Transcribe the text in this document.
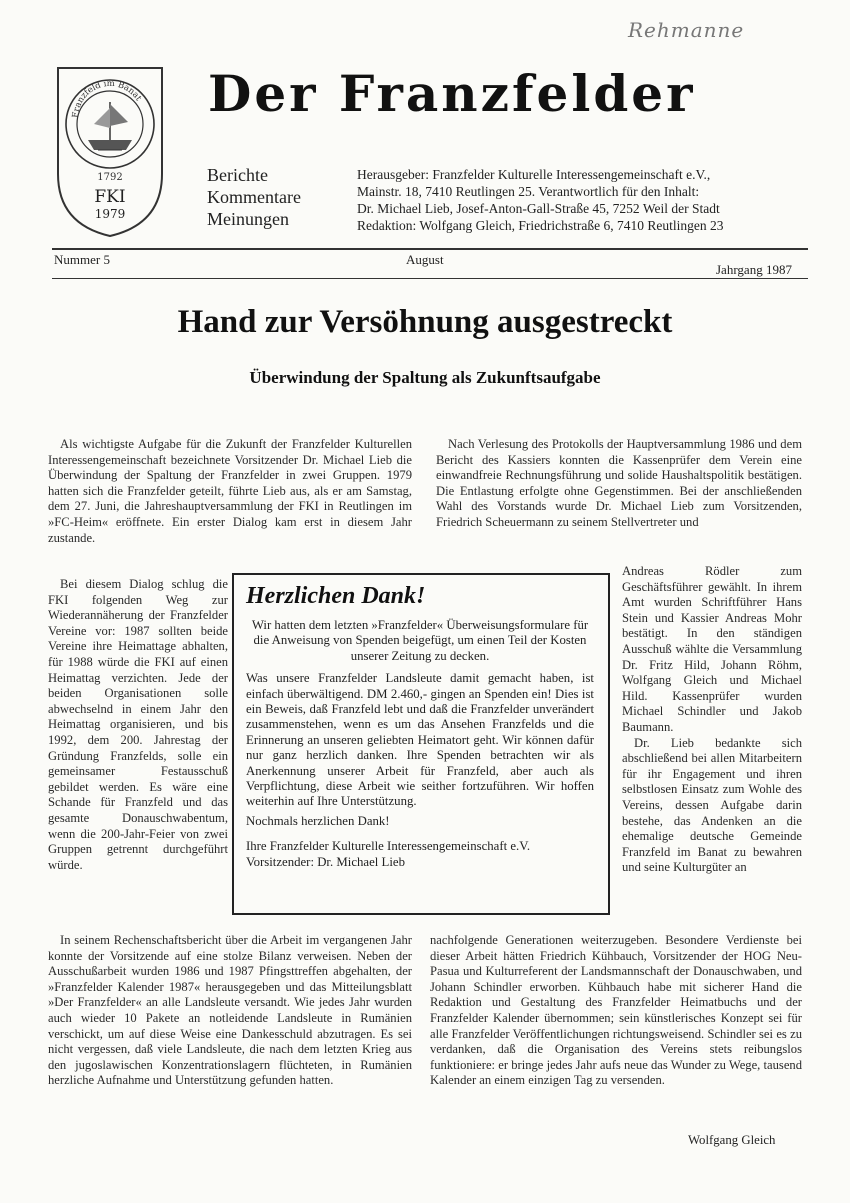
Rehmanne
Franzfeld im Banat
1792
FKI
1979
Der Franzfelder
Berichte
Kommentare
Meinungen
Herausgeber: Franzfelder Kulturelle Interessengemeinschaft e.V.,
Mainstr. 18, 7410 Reutlingen 25. Verantwortlich für den Inhalt:
Dr. Michael Lieb, Josef-Anton-Gall-Straße 45, 7252 Weil der Stadt
Redaktion: Wolfgang Gleich, Friedrichstraße 6, 7410 Reutlingen 23
Nummer 5	August
Jahrgang 1987
Hand zur Versöhnung ausgestreckt
Überwindung der Spaltung als Zukunftsaufgabe

Als wichtigste Aufgabe für die Zukunft der Franzfelder Kulturellen Interessengemeinschaft bezeichnete Vorsitzender Dr. Michael Lieb die Überwindung der Spaltung der Franzfelder in zwei Gruppen. 1979 hatten sich die Franzfelder geteilt, führte Lieb aus, als er am Samstag, dem 27. Juni, die Jahreshauptversammlung der FKI in Reutlingen im »FC-Heim« eröffnete. Ein erster Dialog kam erst in diesem Jahr zustande.

Bei diesem Dialog schlug die FKI folgenden Weg zur Wiederannäherung der Franzfelder Vereine vor: 1987 sollten beide Vereine ihre Heimattage abhalten, für 1988 würde die FKI auf einen Heimattag verzichten. Jede der beiden Organisationen solle abwechselnd in einem Jahr den Heimattag organisieren, und bis 1992, dem 200. Jahrestag der Gründung Franzfelds, solle ein gemeinsamer Festausschuß gebildet werden. Es wäre eine Schande für Franzfeld und das gesamte Donauschwabentum, wenn die 200-Jahr-Feier von zwei Gruppen getrennt durchgeführt würde.

In seinem Rechenschaftsbericht über die Arbeit im vergangenen Jahr konnte der Vorsitzende auf eine stolze Bilanz verweisen. Neben der Ausschußarbeit wurden 1986 und 1987 Pfingsttreffen abgehalten, der »Franzfelder Kalender 1987« herausgegeben und das Mitteilungsblatt »Der Franzfelder« an alle Landsleute versandt. Wie jedes Jahr wurden auch wieder 10 Pakete an notleidende Landsleute in Rumänien verschickt, um auf diese Weise eine Dankesschuld abzutragen. Es sei nicht vergessen, daß viele Landsleute, die nach dem letzten Krieg aus den jugoslawischen Konzentrationslagern flüchteten, in Rumänien herzliche Aufnahme und Unterstützung gefunden hatten.

Nach Verlesung des Protokolls der Hauptversammlung 1986 und dem Bericht des Kassiers konnten die Kassenprüfer dem Verein eine einwandfreie Rechnungsführung und solide Haushaltspolitik bestätigen. Die Entlastung erfolgte ohne Gegenstimmen. Bei der anschließenden Wahl des Vorstands wurde Dr. Michael Lieb zum Vorsitzenden, Friedrich Scheuermann zu seinem Stellvertreter und

Andreas Rödler zum Geschäftsführer gewählt. In ihrem Amt wurden Schriftführer Hans Stein und Kassier Andreas Mohr bestätigt. In den ständigen Ausschuß wählte die Versammlung Dr. Fritz Hild, Johann Röhm, Wolfgang Gleich und Michael Hild. Kassenprüfer wurden Michael Schindler und Jakob Baumann.

Dr. Lieb bedankte sich abschließend bei allen Mitarbeitern für ihr Engagement und ihren selbstlosen Einsatz zum Wohle des Vereins, dessen Aufgabe darin bestehe, das Andenken an die ehemalige deutsche Gemeinde Franzfeld im Banat zu bewahren und seine Kulturgüter an

nachfolgende Generationen weiterzugeben. Besondere Verdienste bei dieser Arbeit hätten Friedrich Kühbauch, Vorsitzender der HOG Neu-Pasua und Kulturreferent der Landsmannschaft der Donauschwaben, und Johann Schindler erworben. Kühbauch habe mit sicherer Hand die Redaktion und Gestaltung des Franzfelder Heimatbuchs und der Franzfelder Kalender übernommen; sein künstlerisches Konzept sei für alle Franzfelder Veröffentlichungen richtungsweisend. Schindler sei es zu verdanken, daß die Organisation des Vereins stets reibungslos funktioniere: er bringe jedes Jahr aufs neue das Wunder zu Wege, tausend Kalender an einem einzigen Tag zu versenden.

Wolfgang Gleich
Herzlichen Dank!

Wir hatten dem letzten »Franzfelder« Überweisungsformulare für die Anweisung von Spenden beigefügt, um einen Teil der Kosten unserer Zeitung zu decken.

Was unsere Franzfelder Landsleute damit gemacht haben, ist einfach überwältigend. DM 2.460,- gingen an Spenden ein! Dies ist ein Beweis, daß Franzfeld lebt und daß die Franzfelder unverändert zusammenstehen, wenn es um das Ansehen Franzfelds und die Erinnerung an unseren geliebten Heimatort geht. Wir können dafür nur ganz herzlich danken. Ihre Spenden betrachten wir als Anerkennung unserer Arbeit für Franzfeld, aber auch als Verpflichtung, diese Arbeit wie seither fortzuführen. Wir hoffen weiterhin auf Ihre Unterstützung.

Nochmals herzlichen Dank!

Ihre Franzfelder Kulturelle Interessengemeinschaft e.V.

Vorsitzender: Dr. Michael Lieb
